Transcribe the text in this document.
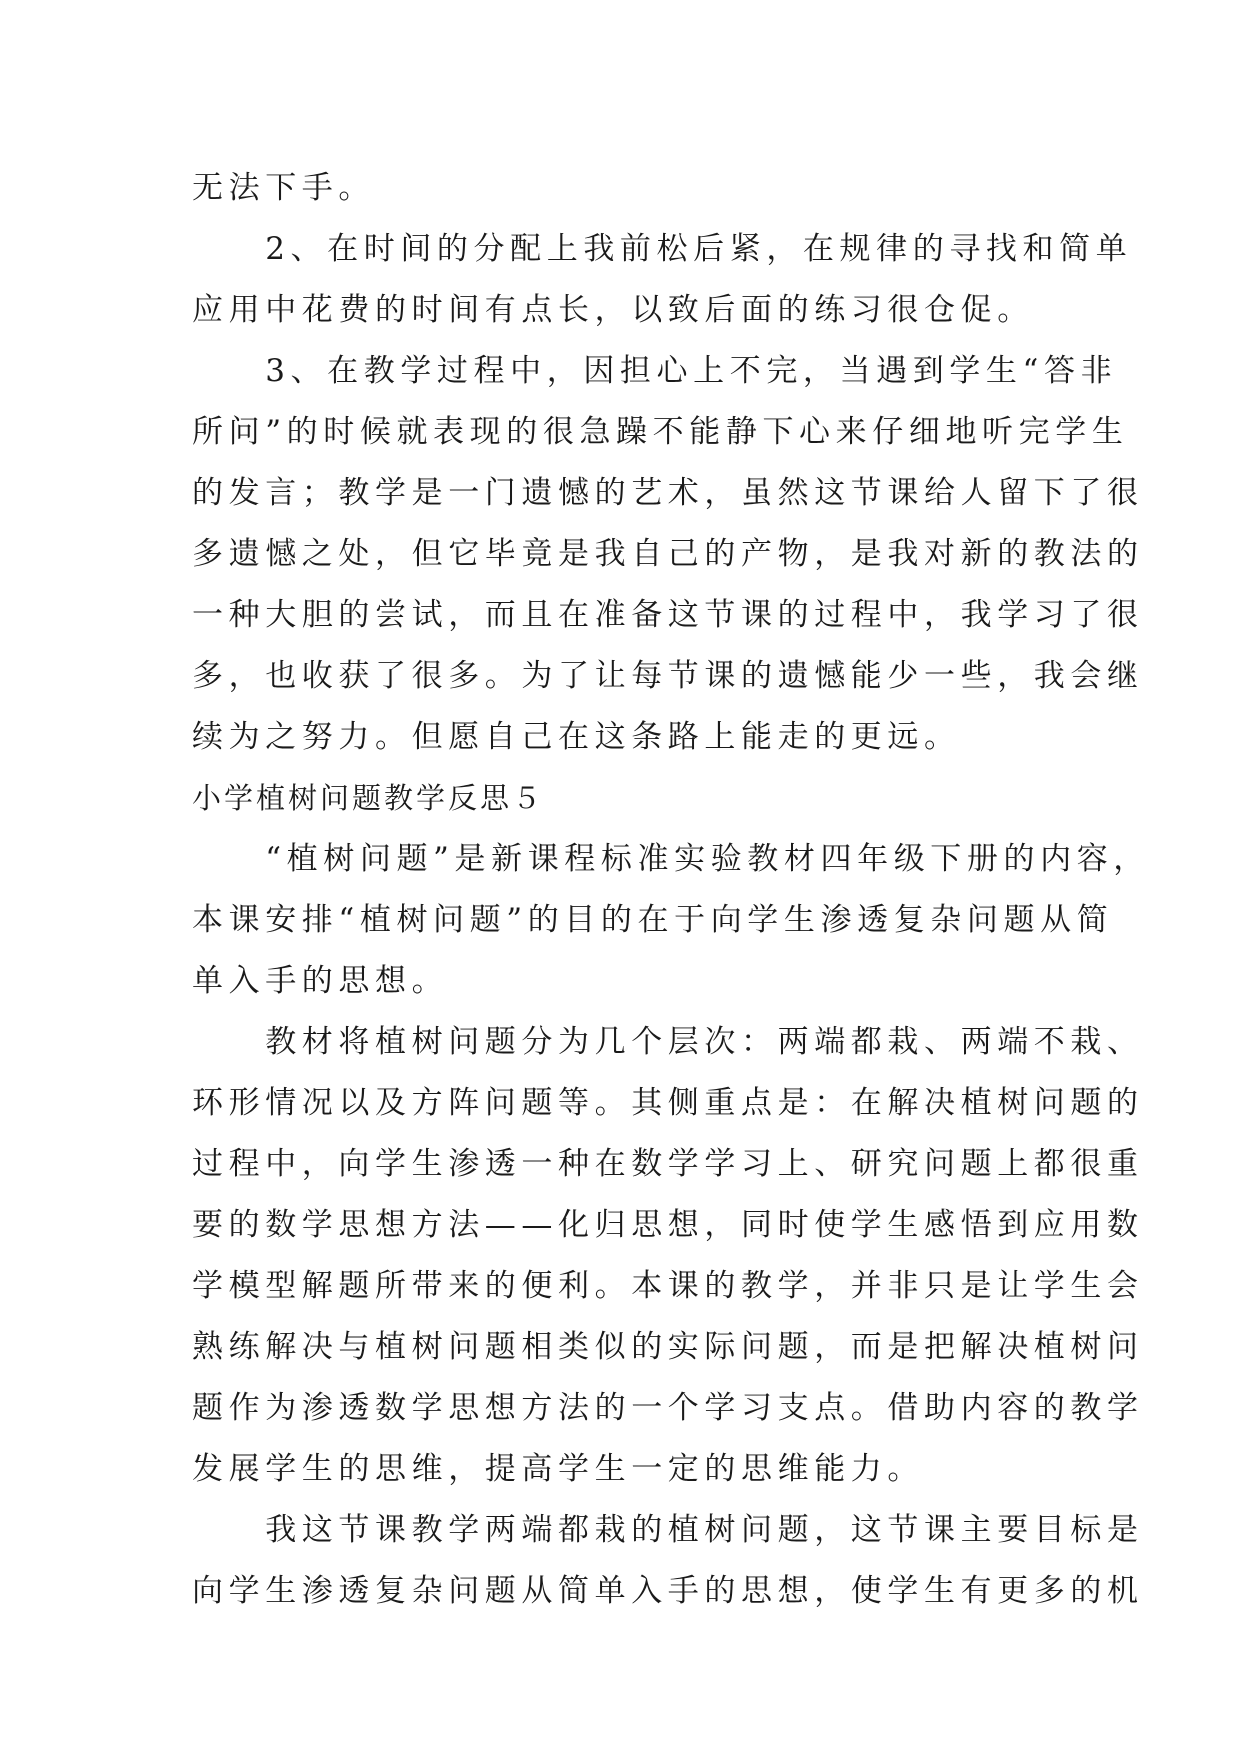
无法下手。
　　2、在时间的分配上我前松后紧，在规律的寻找和简单
应用中花费的时间有点长，以致后面的练习很仓促。
　　3、在教学过程中，因担心上不完，当遇到学生“答非
所问”的时候就表现的很急躁不能静下心来仔细地听完学生
的发言；教学是一门遗憾的艺术，虽然这节课给人留下了很
多遗憾之处，但它毕竟是我自己的产物，是我对新的教法的
一种大胆的尝试，而且在准备这节课的过程中，我学习了很
多，也收获了很多。为了让每节课的遗憾能少一些，我会继
续为之努力。但愿自己在这条路上能走的更远。
小学植树问题教学反思５
　　“植树问题”是新课程标准实验教材四年级下册的内容，
本课安排“植树问题”的目的在于向学生渗透复杂问题从简
单入手的思想。
　　教材将植树问题分为几个层次：两端都栽、两端不栽、
环形情况以及方阵问题等。其侧重点是：在解决植树问题的
过程中，向学生渗透一种在数学学习上、研究问题上都很重
要的数学思想方法——化归思想，同时使学生感悟到应用数
学模型解题所带来的便利。本课的教学，并非只是让学生会
熟练解决与植树问题相类似的实际问题，而是把解决植树问
题作为渗透数学思想方法的一个学习支点。借助内容的教学
发展学生的思维，提高学生一定的思维能力。
　　我这节课教学两端都栽的植树问题，这节课主要目标是
向学生渗透复杂问题从简单入手的思想，使学生有更多的机
